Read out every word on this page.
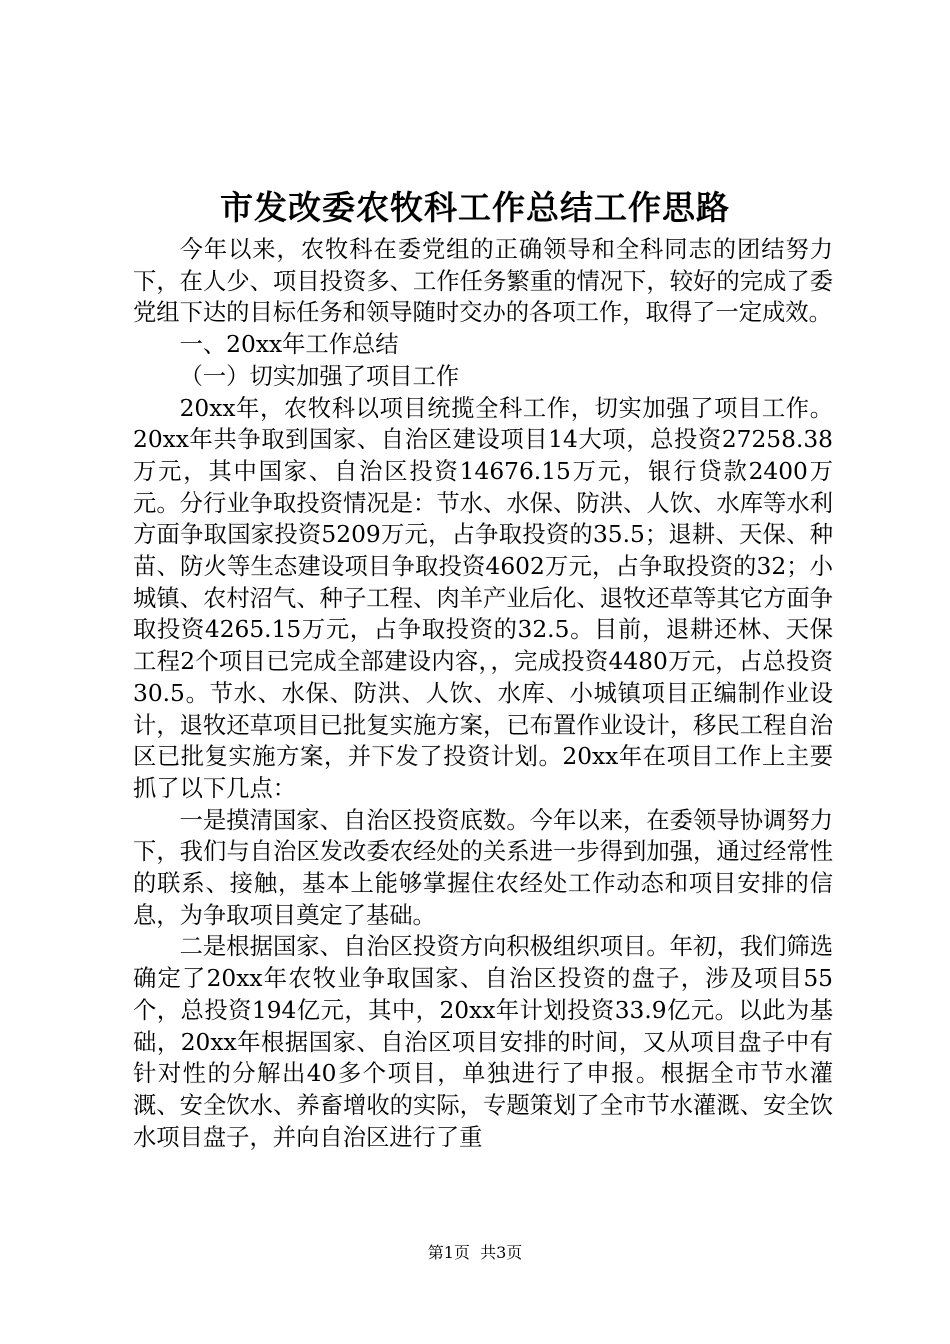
市发改委农牧科工作总结工作思路

今年以来，农牧科在委党组的正确领导和全科同志的团结努力下，在人少、项目投资多、工作任务繁重的情况下，较好的完成了委党组下达的目标任务和领导随时交办的各项工作，取得了一定成效。

一、20xx年工作总结

（一）切实加强了项目工作

20xx年，农牧科以项目统揽全科工作，切实加强了项目工作。20xx年共争取到国家、自治区建设项目14大项，总投资27258.38万元，其中国家、自治区投资14676.15万元，银行贷款2400万元。分行业争取投资情况是：节水、水保、防洪、人饮、水库等水利方面争取国家投资5209万元，占争取投资的35.5；退耕、天保、种苗、防火等生态建设项目争取投资4602万元，占争取投资的32；小城镇、农村沼气、种子工程、肉羊产业后化、退牧还草等其它方面争取投资4265.15万元，占争取投资的32.5。目前，退耕还林、天保工程2个项目已完成全部建设内容，，完成投资4480万元，占总投资30.5。节水、水保、防洪、人饮、水库、小城镇项目正编制作业设计，退牧还草项目已批复实施方案，已布置作业设计，移民工程自治区已批复实施方案，并下发了投资计划。20xx年在项目工作上主要抓了以下几点：

一是摸清国家、自治区投资底数。今年以来，在委领导协调努力下，我们与自治区发改委农经处的关系进一步得到加强，通过经常性的联系、接触，基本上能够掌握住农经处工作动态和项目安排的信息，为争取项目奠定了基础。

二是根据国家、自治区投资方向积极组织项目。年初，我们筛选确定了20xx年农牧业争取国家、自治区投资的盘子，涉及项目55个，总投资194亿元，其中，20xx年计划投资33.9亿元。以此为基础，20xx年根据国家、自治区项目安排的时间，又从项目盘子中有针对性的分解出40多个项目，单独进行了申报。根据全市节水灌溉、安全饮水、养畜增收的实际，专题策划了全市节水灌溉、安全饮水项目盘子，并向自治区进行了重

第1页 共3页
